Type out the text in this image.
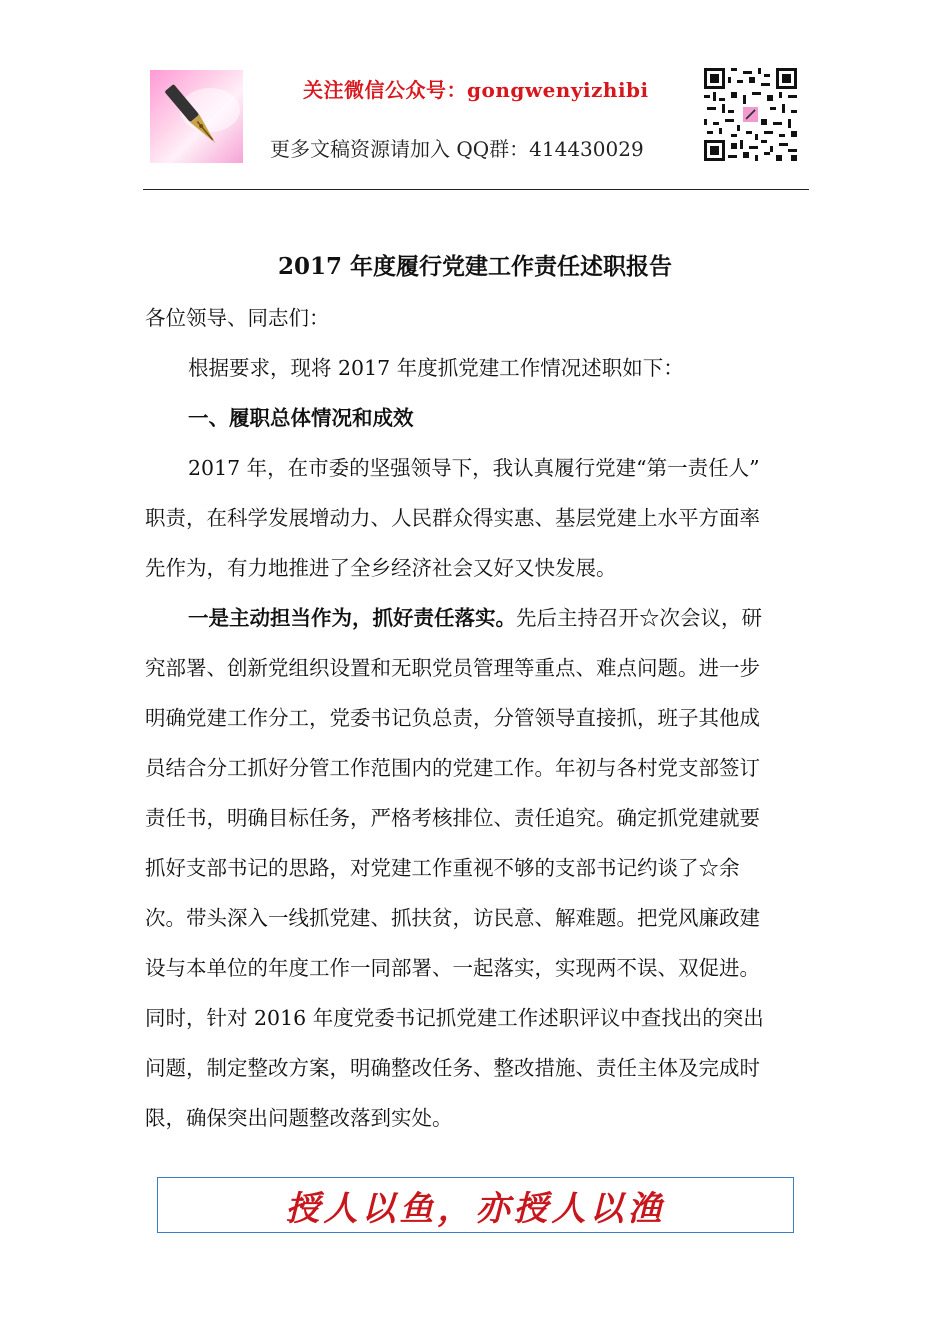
关注微信公众号：gongwenyizhibi
更多文稿资源请加入 QQ群：414430029
2017 年度履行党建工作责任述职报告

各位领导、同志们：

根据要求，现将 2017 年度抓党建工作情况述职如下：

一、履职总体情况和成效

2017 年，在市委的坚强领导下，我认真履行党建“第一责任人”

职责，在科学发展增动力、人民群众得实惠、基层党建上水平方面率

先作为，有力地推进了全乡经济社会又好又快发展。

一是主动担当作为，抓好责任落实。先后主持召开☆次会议，研

究部署、创新党组织设置和无职党员管理等重点、难点问题。进一步

明确党建工作分工，党委书记负总责，分管领导直接抓，班子其他成

员结合分工抓好分管工作范围内的党建工作。年初与各村党支部签订

责任书，明确目标任务，严格考核排位、责任追究。确定抓党建就要

抓好支部书记的思路，对党建工作重视不够的支部书记约谈了☆余

次。带头深入一线抓党建、抓扶贫，访民意、解难题。把党风廉政建

设与本单位的年度工作一同部署、一起落实，实现两不误、双促进。

同时，针对 2016 年度党委书记抓党建工作述职评议中查找出的突出

问题，制定整改方案，明确整改任务、整改措施、责任主体及完成时

限，确保突出问题整改落到实处。

授人以鱼，亦授人以渔
